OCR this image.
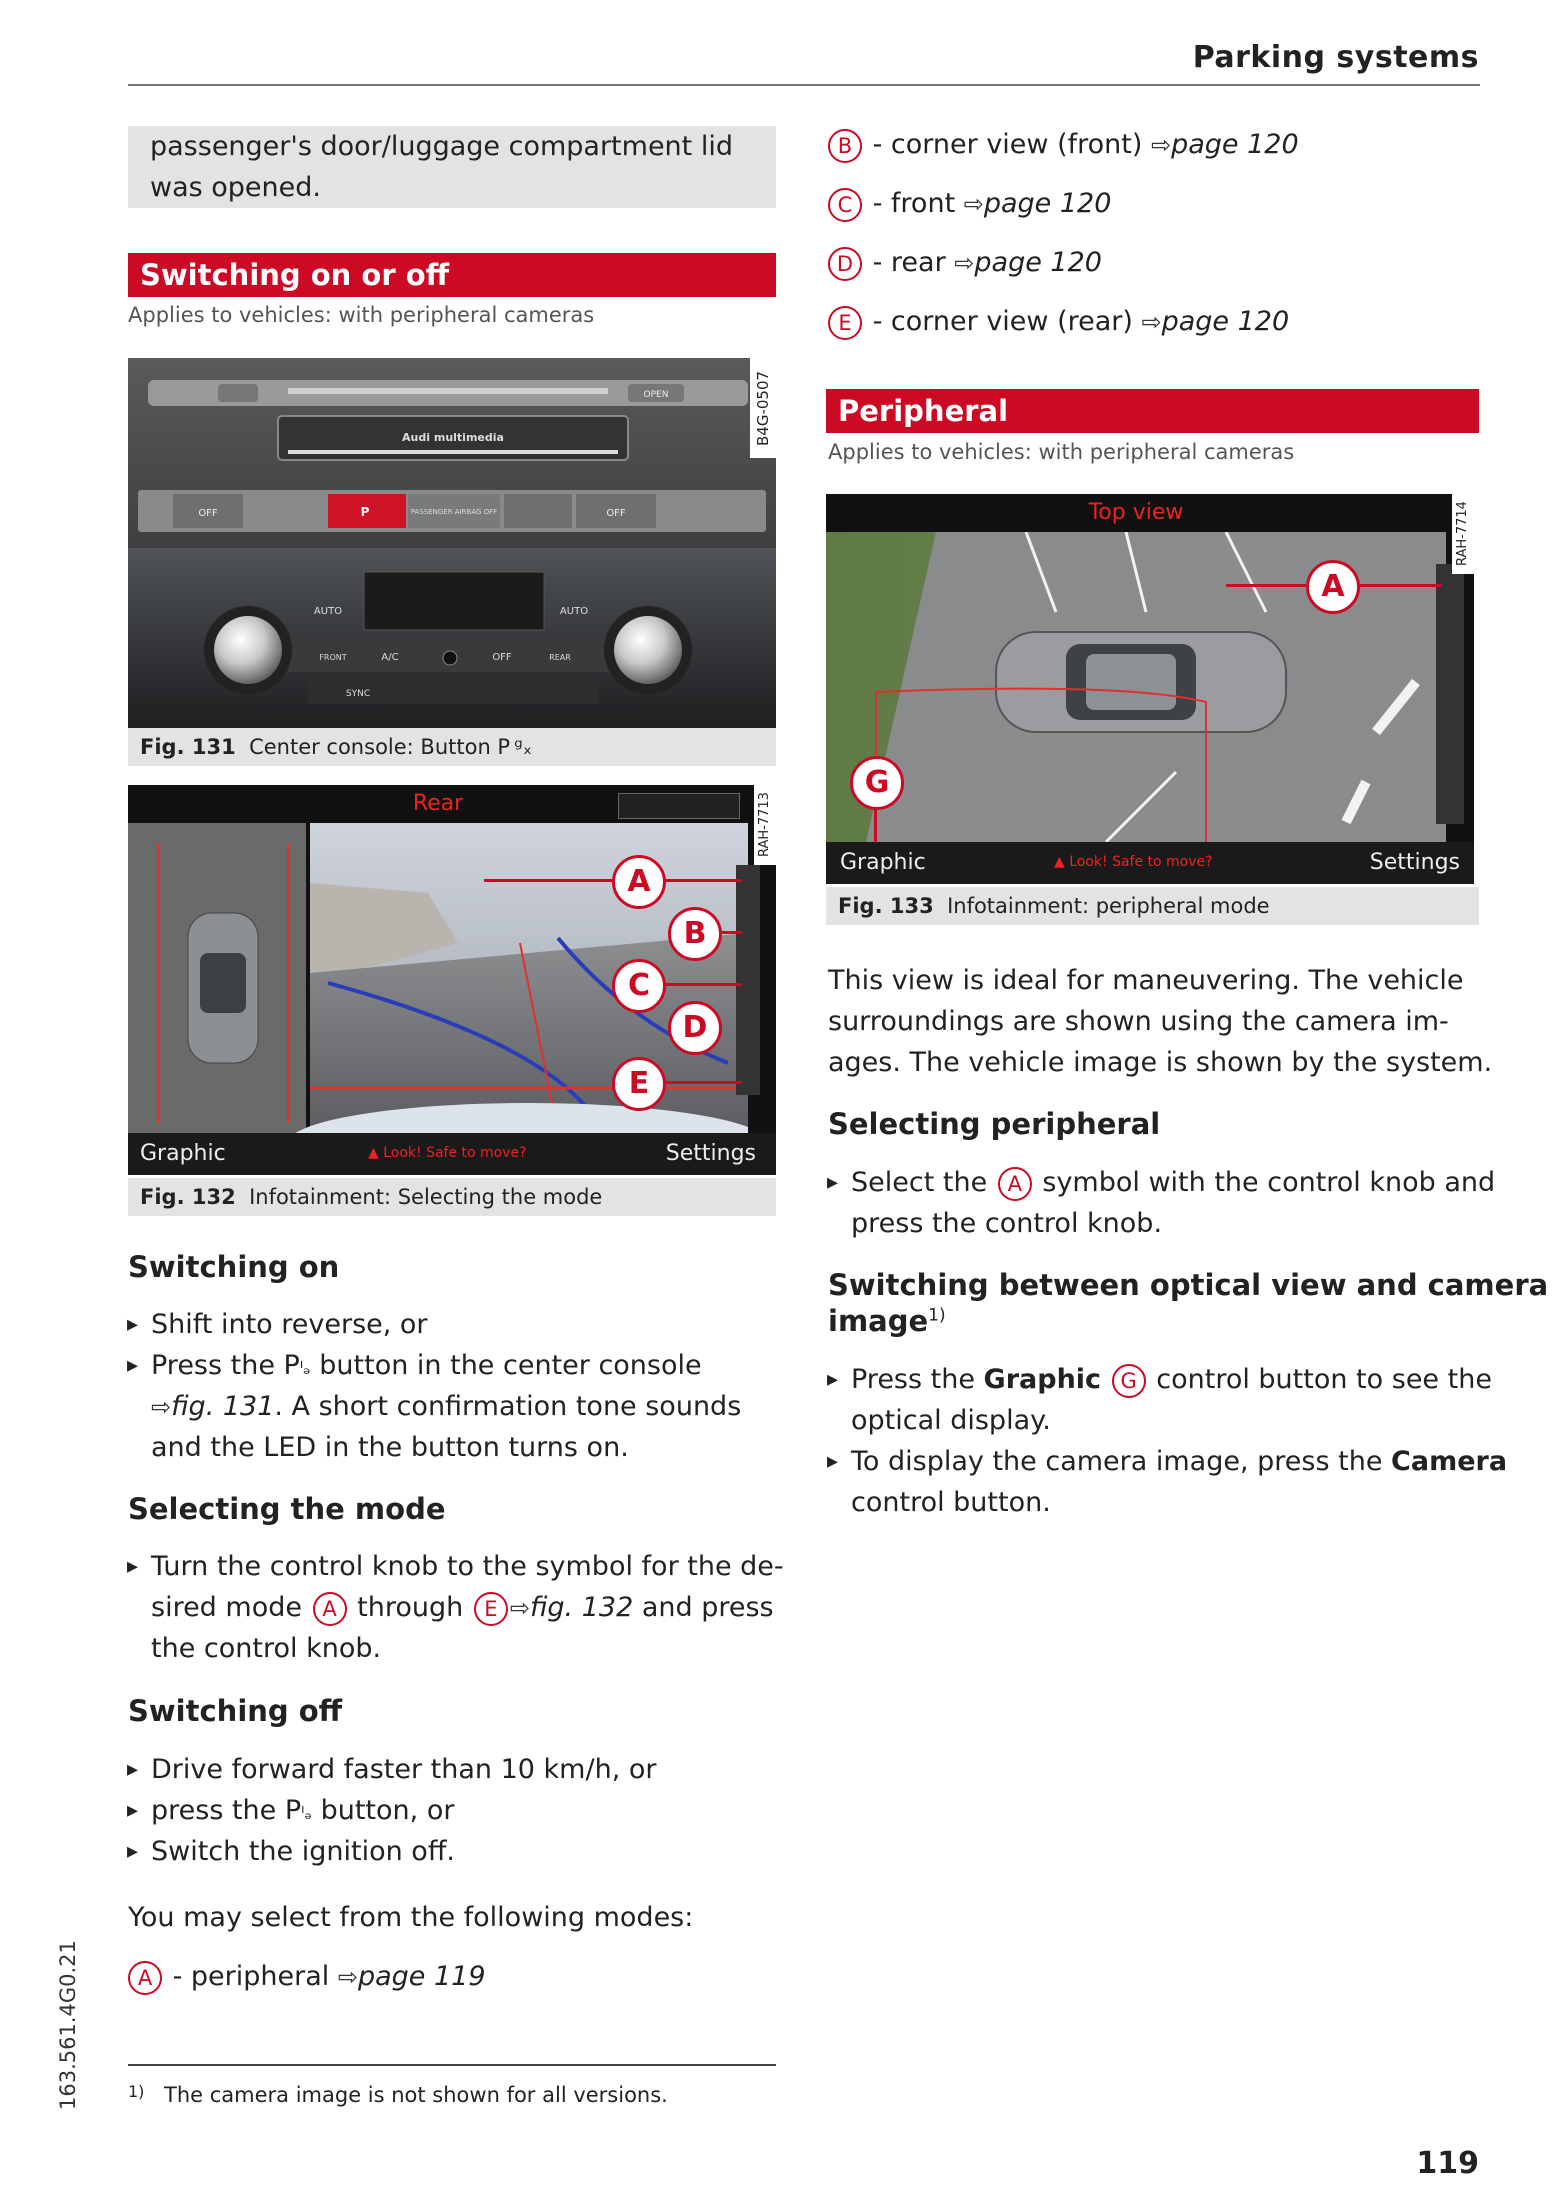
Parking systems
passenger's door/luggage compartment lid was opened.
Switching on or off
Applies to vehicles: with peripheral cameras
OPEN
Audi multimedia
OFF	P	PASSENGER AIRBAG OFF	OFF
AUTO	AUTO
FRONT	A/C	OFF	REAR
SYNC
B4G-0507
Fig. 131 Center console: Button P ᵍₓ
Rear
Graphic	▲ Look! Safe to move?	Settings
A
B
C
D
E
RAH-7713
Fig. 132 Infotainment: Selecting the mode
Switching on
▸ Shift into reverse, or
▸ Press the Pᴵₔ button in the center console
⇨fig. 131. A short confirmation tone sounds
and the LED in the button turns on.
Selecting the mode
▸ Turn the control knob to the symbol for the de-
sired mode A through E ⇨fig. 132 and press
the control knob.
Switching off
▸ Drive forward faster than 10 km/h, or
▸ press the Pᴵₔ button, or
▸ Switch the ignition off.
You may select from the following modes:
A - peripheral ⇨page 119
1) The camera image is not shown for all versions.
163.561.4G0.21
B - corner view (front) ⇨page 120
C - front ⇨page 120
D - rear ⇨page 120
E - corner view (rear) ⇨page 120
Peripheral
Applies to vehicles: with peripheral cameras
Top view
Graphic	▲ Look! Safe to move?	Settings
A
G
RAH-7714
Fig. 133 Infotainment: peripheral mode
This view is ideal for maneuvering. The vehicle
surroundings are shown using the camera im-
ages. The vehicle image is shown by the system.
Selecting peripheral
▸ Select the A symbol with the control knob and
press the control knob.
Switching between optical view and camera
image$^{1)}$
▸ Press the Graphic G control button to see the
optical display.
▸ To display the camera image, press the Camera
control button.
119
